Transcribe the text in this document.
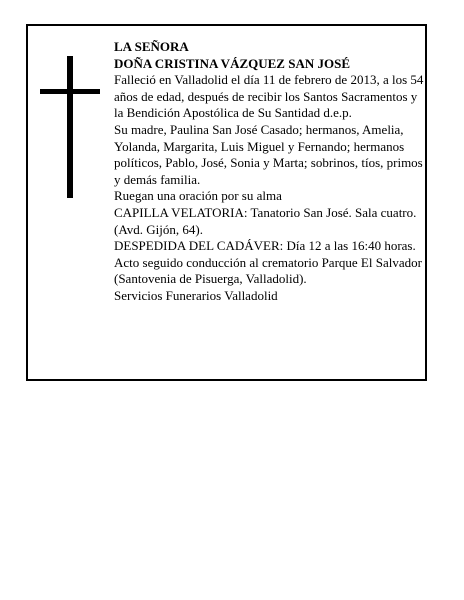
LA SEÑORA

DOÑA CRISTINA VÁZQUEZ SAN JOSÉ

Falleció en Valladolid el día 11 de febrero de 2013, a los 54 años de edad, después de recibir los Santos Sacramentos y la Bendición Apostólica de Su Santidad d.e.p.

Su madre, Paulina San José Casado; hermanos, Amelia, Yolanda, Margarita, Luis Miguel y Fernando; hermanos políticos, Pablo, José, Sonia y Marta; sobrinos, tíos, primos y demás familia.

Ruegan una oración por su alma

CAPILLA VELATORIA: Tanatorio San José. Sala cuatro. (Avd. Gijón, 64).

DESPEDIDA DEL CADÁVER: Día 12 a las 16:40 horas. Acto seguido conducción al crematorio Parque El Salvador (Santovenia de Pisuerga, Valladolid).

Servicios Funerarios Valladolid
